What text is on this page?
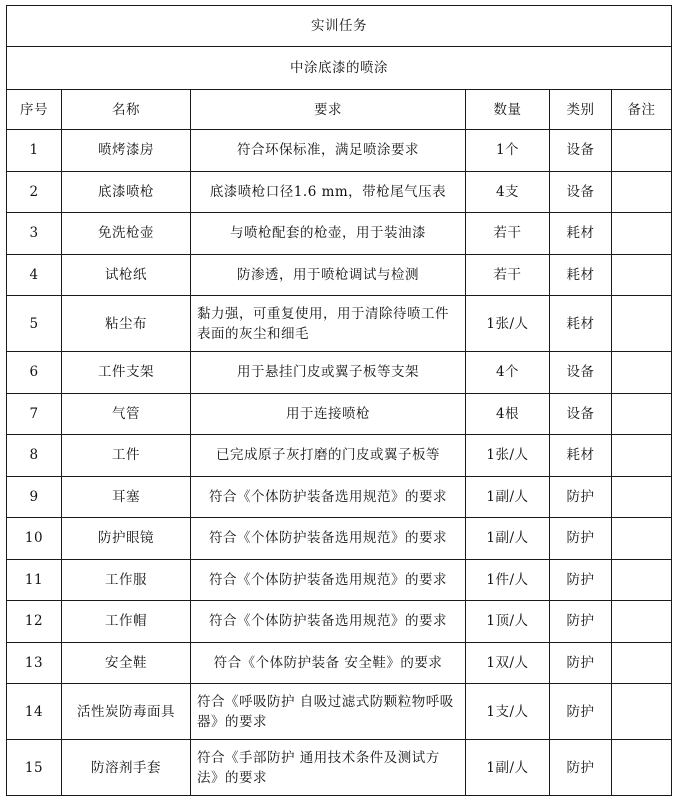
实训任务					
中涂底漆的喷涂					
序号	名称	要求	数量	类别	备注
1	喷烤漆房	符合环保标准，满足喷涂要求	1个	设备	
2	底漆喷枪	底漆喷枪口径1.6 mm，带枪尾气压表	4支	设备	
3	免洗枪壶	与喷枪配套的枪壶，用于装油漆	若干	耗材	
4	试枪纸	防渗透，用于喷枪调试与检测	若干	耗材	
5	粘尘布	黏力强，可重复使用，用于清除待喷工件表面的灰尘和细毛	1张/人	耗材	
6	工件支架	用于悬挂门皮或翼子板等支架	4个	设备	
7	气管	用于连接喷枪	4根	设备	
8	工件	已完成原子灰打磨的门皮或翼子板等	1张/人	耗材	
9	耳塞	符合《个体防护装备选用规范》的要求	1副/人	防护	
10	防护眼镜	符合《个体防护装备选用规范》的要求	1副/人	防护	
11	工作服	符合《个体防护装备选用规范》的要求	1件/人	防护	
12	工作帽	符合《个体防护装备选用规范》的要求	1顶/人	防护	
13	安全鞋	符合《个体防护装备 安全鞋》的要求	1双/人	防护	
14	活性炭防毒面具	符合《呼吸防护 自吸过滤式防颗粒物呼吸器》的要求	1支/人	防护	
15	防溶剂手套	符合《手部防护 通用技术条件及测试方法》的要求	1副/人	防护	
